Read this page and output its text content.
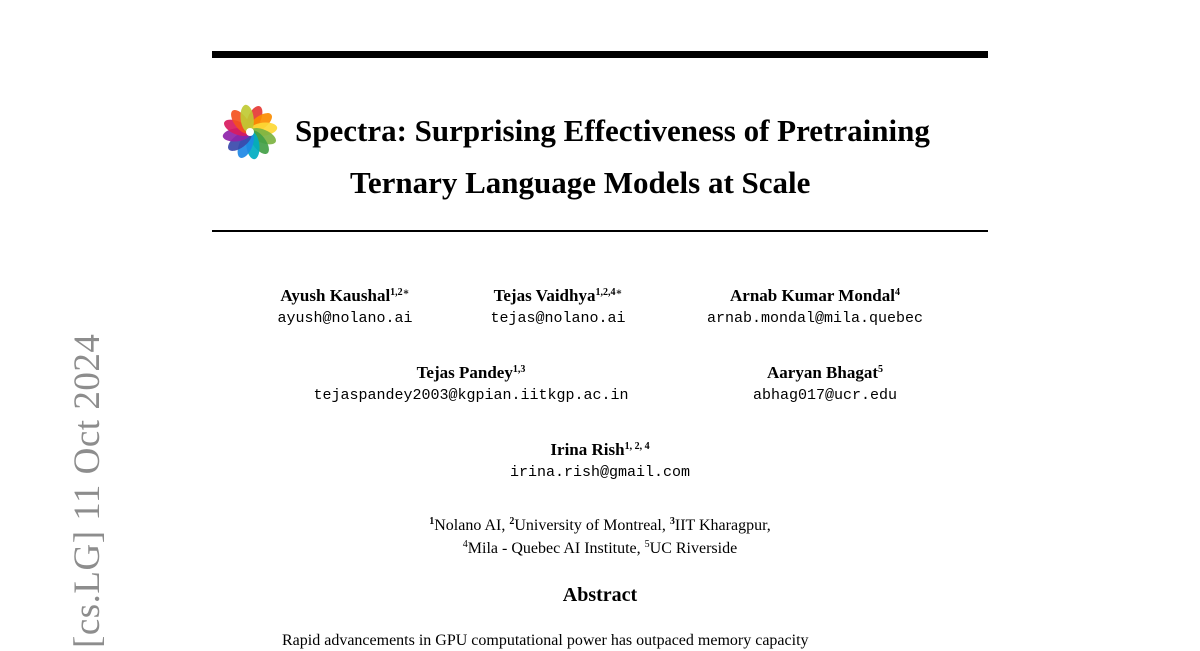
[cs.LG] 11 Oct 2024
Spectra: Surprising Effectiveness of Pretraining
Ternary Language Models at Scale
Ayush Kaushal$^{1,2∗}$
ayush@nolano.ai
Tejas Vaidhya$^{1,2,4∗}$
tejas@nolano.ai
Arnab Kumar Mondal$^4$
arnab.mondal@mila.quebec
Tejas Pandey$^{1,3}$
tejaspandey2003@kgpian.iitkgp.ac.in
Aaryan Bhagat$^5$
abhag017@ucr.edu
Irina Rish$^{1, 2, 4}$
irina.rish@gmail.com
$^1$Nolano AI, $^2$University of Montreal, $^3$IIT Kharagpur,
$^4$Mila - Quebec AI Institute, $^5$UC Riverside
Abstract
Rapid advancements in GPU computational power has outpaced memory capacity
